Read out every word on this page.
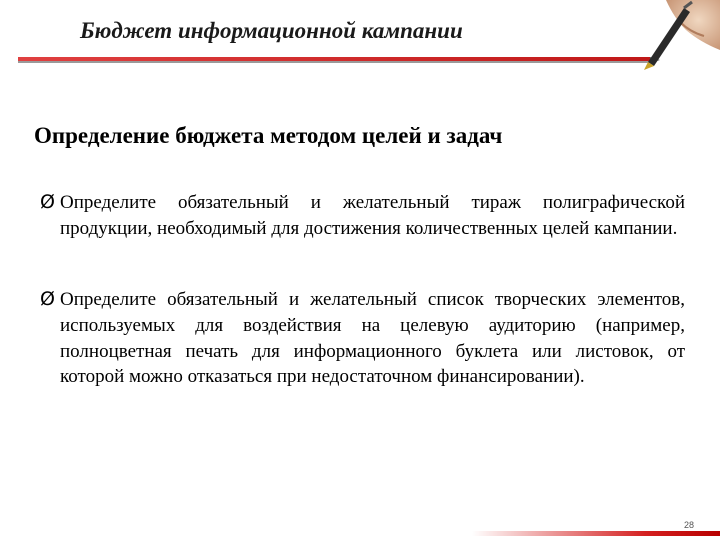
Бюджет информационной кампании
Определение бюджета методом целей и задач
Ø Определите обязательный и желательный тираж полиграфической продукции, необходимый для достижения количественных целей кампании.
Ø Определите обязательный и желательный список творческих элементов, используемых для воздействия на целевую аудиторию (например, полноцветная печать для информационного буклета или листовок, от которой можно отказаться при недостаточном финансировании).
28
